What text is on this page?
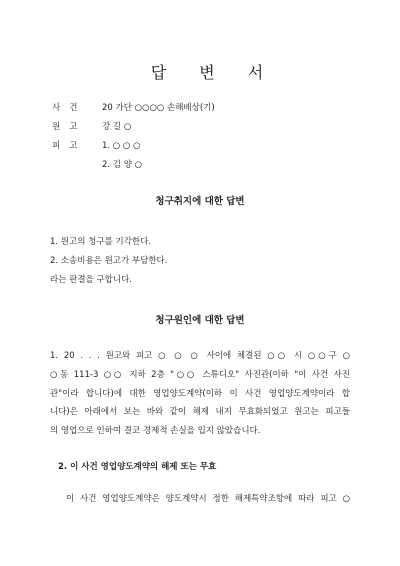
답 변 서
사건	20 가단 ○○○○ 손해배상(기)
원고	강 길 ○
피고	1. ○ ○ ○
2. 김 양 ○
청구취지에 대한 답변
1. 원고의 청구를 기각한다.
2. 소송비용은 원고가 부담한다.
라는 판결을 구합니다.
청구원인에 대한 답변
1. 20 . . . 원고와 피고 ○ ○ ○ 사이에 체결된 ○○ 시 ○○구 ○
○동 111-3 ○○ 지하 2층 "○○ 스튜디오" 사진관(이하 "이 사건 사진
관"이라 합니다)에 대한 영업양도계약(이하 이 사건 영업양도계약이라 합
니다)은 아래에서 보는 바와 같이 해제 내지 무효화되었고 원고는 피고들
의 영업으로 인하여 결코 경제적 손실을 입지 않았습니다.
2. 이 사건 영업양도계약의 해제 또는 무효
이 사건 영업양도계약은 양도계약시 정한 해제특약조항에 따라 피고 ○
